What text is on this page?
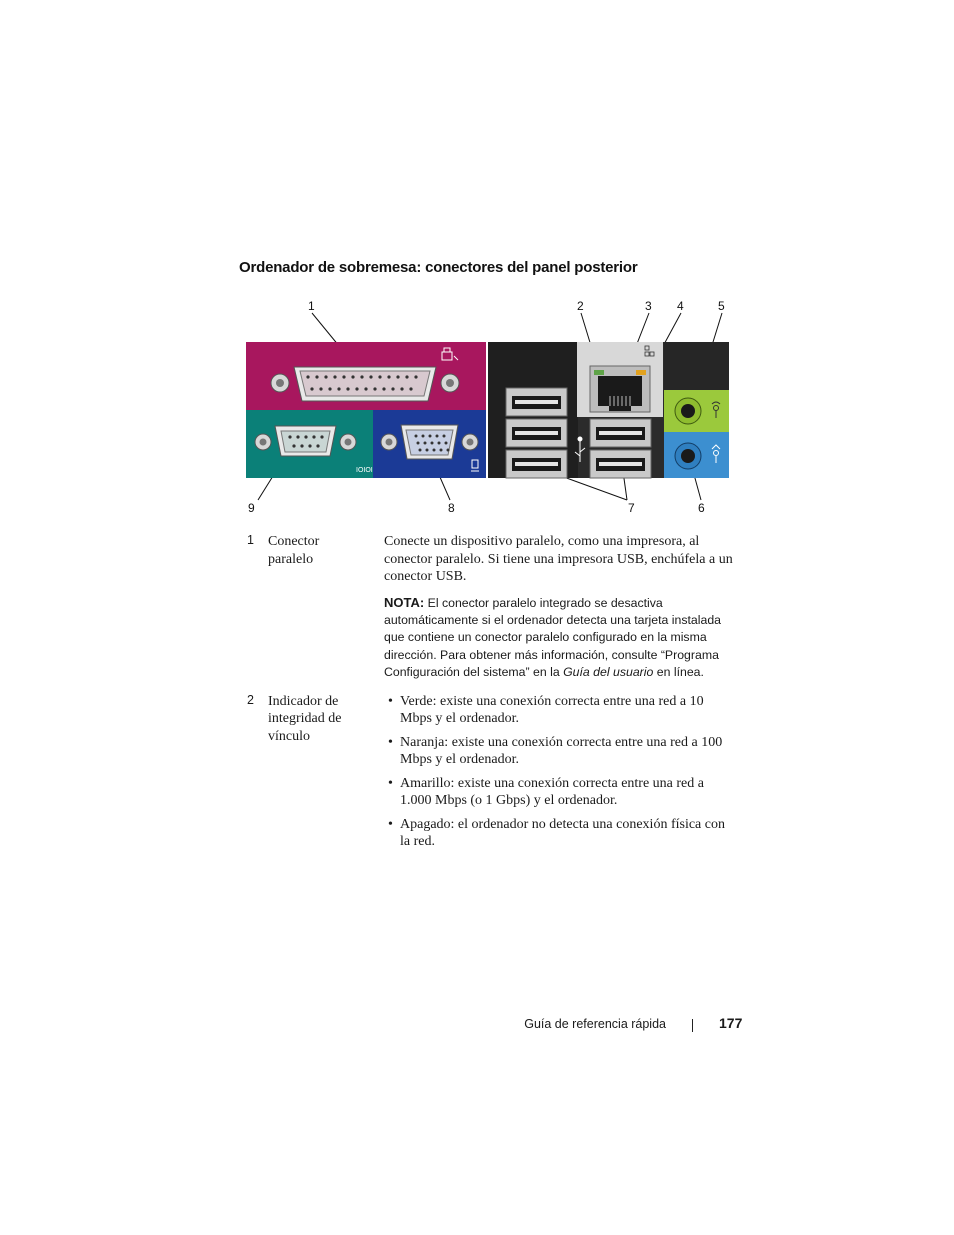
Ordenador de sobremesa: conectores del panel posterior
IOIOI
1	2	3 4	5
9	8	7	6
1	Conector paralelo
Conecte un dispositivo paralelo, como una impresora, al conector paralelo. Si tiene una impresora USB, enchúfela a un conector USB.
NOTA: El conector paralelo integrado se desactiva automáticamente si el ordenador detecta una tarjeta instalada que contiene un conector paralelo configurado en la misma dirección. Para obtener más información, consulte “Programa Configuración del sistema” en la Guía del usuario en línea.
2	Indicador de integridad de vínculo
• Verde: existe una conexión correcta entre una red a 10 Mbps y el ordenador.
• Naranja: existe una conexión correcta entre una red a 100 Mbps y el ordenador.
• Amarillo: existe una conexión correcta entre una red a 1.000 Mbps (o 1 Gbps) y el ordenador.
• Apagado: el ordenador no detecta una conexión física con la red.
Guía de referencia rápida	177
